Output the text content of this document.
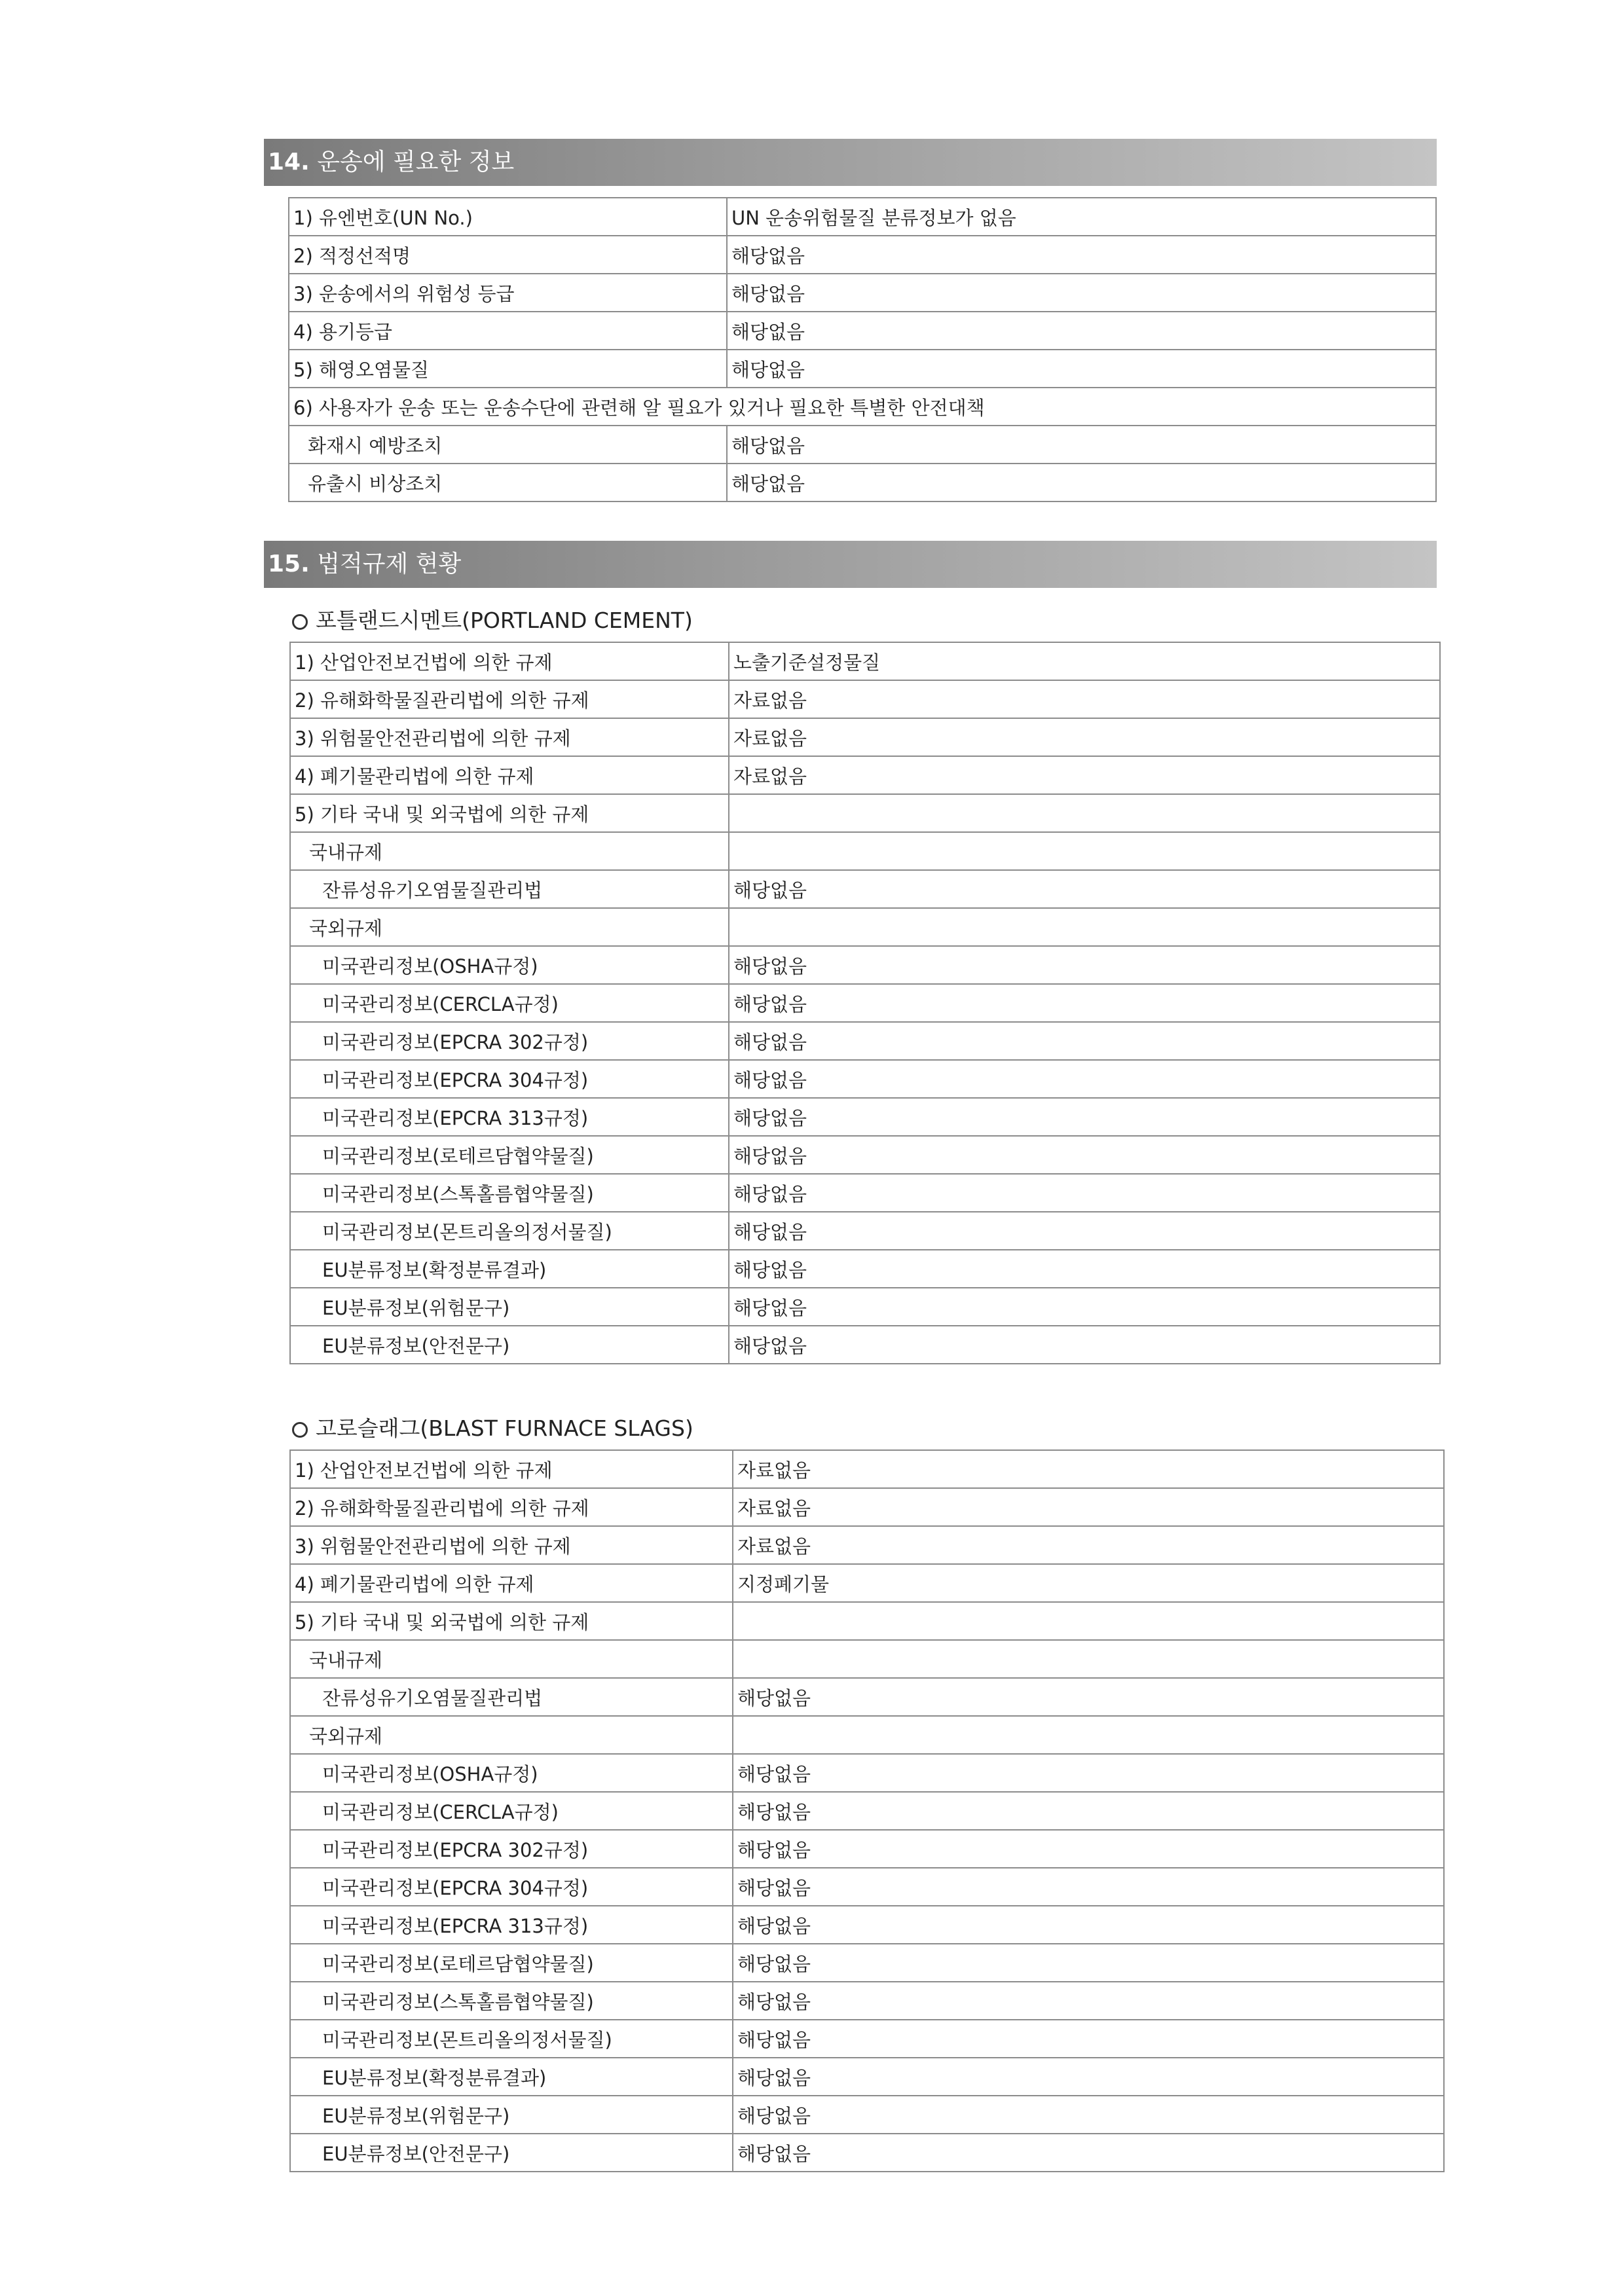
14. 운송에 필요한 정보
1) 유엔번호(UN No.)	UN 운송위험물질 분류정보가 없음
2) 적정선적명	해당없음
3) 운송에서의 위험성 등급	해당없음
4) 용기등급	해당없음
5) 해영오염물질	해당없음
6) 사용자가 운송 또는 운송수단에 관련해 알 필요가 있거나 필요한 특별한 안전대책	
화재시 예방조치	해당없음
유출시 비상조치	해당없음
15. 법적규제 현황
포틀랜드시멘트(PORTLAND CEMENT)
1) 산업안전보건법에 의한 규제	노출기준설정물질
2) 유해화학물질관리법에 의한 규제	자료없음
3) 위험물안전관리법에 의한 규제	자료없음
4) 폐기물관리법에 의한 규제	자료없음
5) 기타 국내 및 외국법에 의한 규제	
국내규제	
잔류성유기오염물질관리법	해당없음
국외규제	
미국관리정보(OSHA규정)	해당없음
미국관리정보(CERCLA규정)	해당없음
미국관리정보(EPCRA 302규정)	해당없음
미국관리정보(EPCRA 304규정)	해당없음
미국관리정보(EPCRA 313규정)	해당없음
미국관리정보(로테르담협약물질)	해당없음
미국관리정보(스톡홀름협약물질)	해당없음
미국관리정보(몬트리올의정서물질)	해당없음
EU분류정보(확정분류결과)	해당없음
EU분류정보(위험문구)	해당없음
EU분류정보(안전문구)	해당없음
고로슬래그(BLAST FURNACE SLAGS)
1) 산업안전보건법에 의한 규제	자료없음
2) 유해화학물질관리법에 의한 규제	자료없음
3) 위험물안전관리법에 의한 규제	자료없음
4) 폐기물관리법에 의한 규제	지정폐기물
5) 기타 국내 및 외국법에 의한 규제	
국내규제	
잔류성유기오염물질관리법	해당없음
국외규제	
미국관리정보(OSHA규정)	해당없음
미국관리정보(CERCLA규정)	해당없음
미국관리정보(EPCRA 302규정)	해당없음
미국관리정보(EPCRA 304규정)	해당없음
미국관리정보(EPCRA 313규정)	해당없음
미국관리정보(로테르담협약물질)	해당없음
미국관리정보(스톡홀름협약물질)	해당없음
미국관리정보(몬트리올의정서물질)	해당없음
EU분류정보(확정분류결과)	해당없음
EU분류정보(위험문구)	해당없음
EU분류정보(안전문구)	해당없음
